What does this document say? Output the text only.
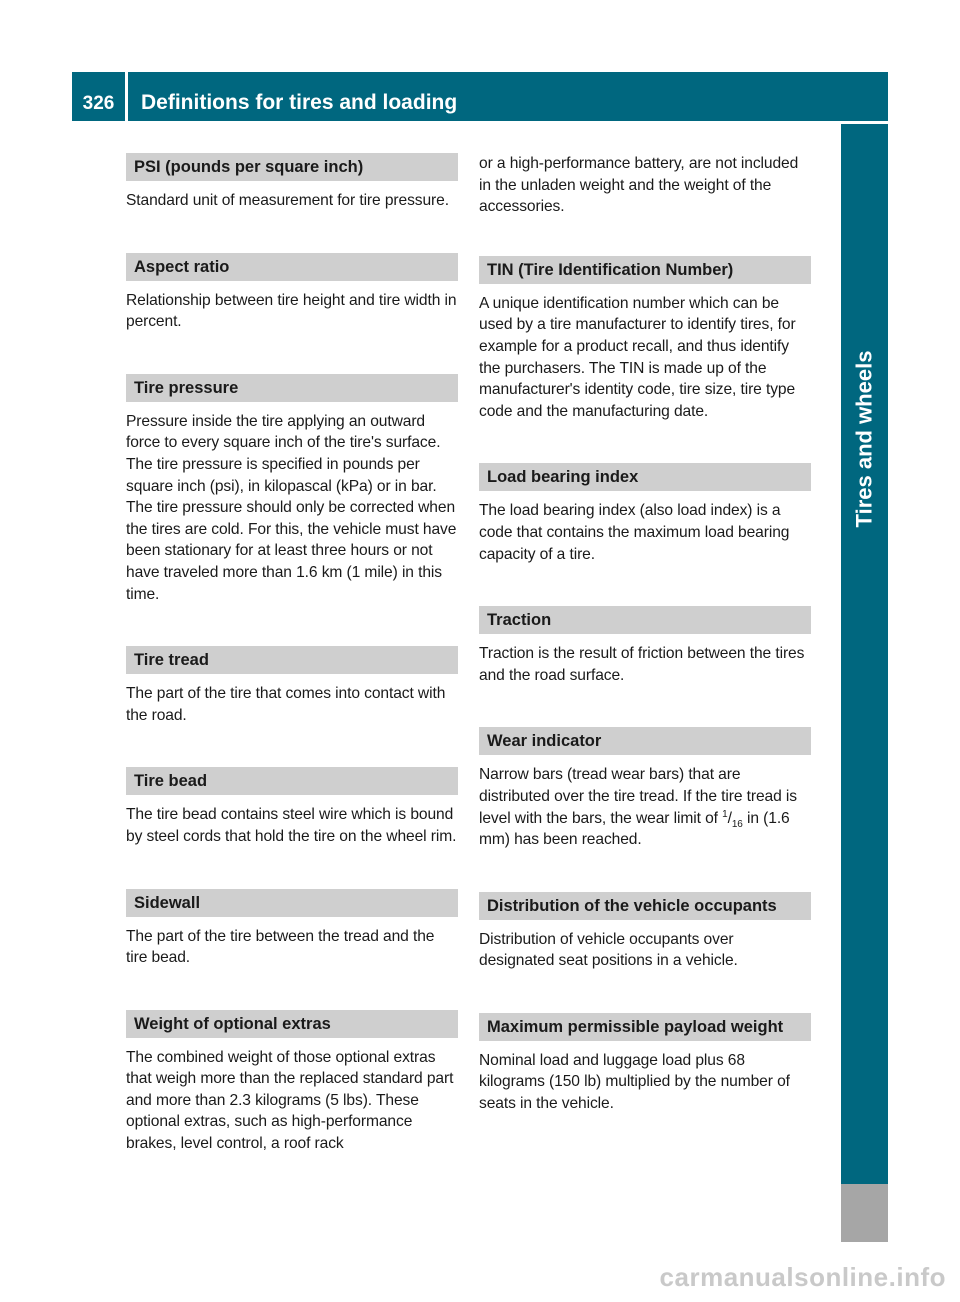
326	Definitions for tires and loading
Tires and wheels
PSI (pounds per square inch)

Standard unit of measurement for tire pressure.

Aspect ratio

Relationship between tire height and tire width in percent.

Tire pressure

Pressure inside the tire applying an outward force to every square inch of the tire's surface. The tire pressure is specified in pounds per square inch (psi), in kilopascal (kPa) or in bar. The tire pressure should only be corrected when the tires are cold. For this, the vehicle must have been stationary for at least three hours or not have traveled more than 1.6 km (1 mile) in this time.

Tire tread

The part of the tire that comes into contact with the road.

Tire bead

The tire bead contains steel wire which is bound by steel cords that hold the tire on the wheel rim.

Sidewall

The part of the tire between the tread and the tire bead.

Weight of optional extras

The combined weight of those optional extras that weigh more than the replaced standard part and more than 2.3 kilograms (5 lbs). These optional extras, such as high-performance brakes, level control, a roof rack

or a high-performance battery, are not included in the unladen weight and the weight of the accessories.

TIN (Tire Identification Number)

A unique identification number which can be used by a tire manufacturer to identify tires, for example for a product recall, and thus identify the purchasers. The TIN is made up of the manufacturer's identity code, tire size, tire type code and the manufacturing date.

Load bearing index

The load bearing index (also load index) is a code that contains the maximum load bearing capacity of a tire.

Traction

Traction is the result of friction between the tires and the road surface.

Wear indicator

Narrow bars (tread wear bars) that are distributed over the tire tread. If the tire tread is level with the bars, the wear limit of $^1/_{16}$ in (1.6 mm) has been reached.

Distribution of the vehicle occupants

Distribution of vehicle occupants over designated seat positions in a vehicle.

Maximum permissible payload weight

Nominal load and luggage load plus 68 kilograms (150 lb) multiplied by the number of seats in the vehicle.

carmanualsonline.info
